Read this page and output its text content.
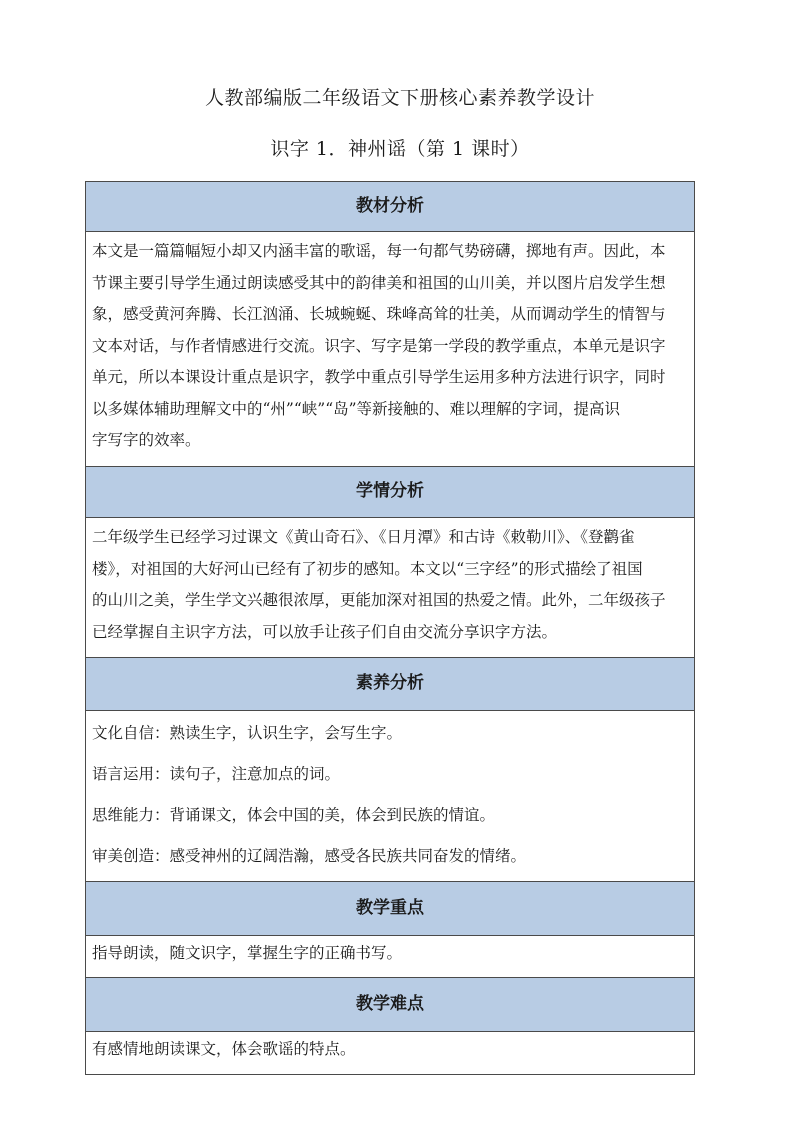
人教部编版二年级语文下册核心素养教学设计
识字 1．神州谣（第 1 课时）
教材分析
本文是一篇篇幅短小却又内涵丰富的歌谣，每一句都气势磅礴，掷地有声。因此，本
节课主要引导学生通过朗读感受其中的韵律美和祖国的山川美，并以图片启发学生想
象，感受黄河奔腾、长江汹涌、长城蜿蜒、珠峰高耸的壮美，从而调动学生的情智与
文本对话，与作者情感进行交流。识字、写字是第一学段的教学重点，本单元是识字
单元，所以本课设计重点是识字，教学中重点引导学生运用多种方法进行识字，同时
以多媒体辅助理解文中的“州”“峡”“岛”等新接触的、难以理解的字词，提高识
字写字的效率。
学情分析
二年级学生已经学习过课文《黄山奇石》、《日月潭》和古诗《敕勒川》、《登鹳雀
楼》，对祖国的大好河山已经有了初步的感知。本文以“三字经”的形式描绘了祖国
的山川之美，学生学文兴趣很浓厚，更能加深对祖国的热爱之情。此外，二年级孩子
已经掌握自主识字方法，可以放手让孩子们自由交流分享识字方法。
素养分析
文化自信：熟读生字，认识生字，会写生字。
语言运用：读句子，注意加点的词。
思维能力：背诵课文，体会中国的美，体会到民族的情谊。
审美创造：感受神州的辽阔浩瀚，感受各民族共同奋发的情绪。
教学重点
指导朗读，随文识字，掌握生字的正确书写。
教学难点
有感情地朗读课文，体会歌谣的特点。
